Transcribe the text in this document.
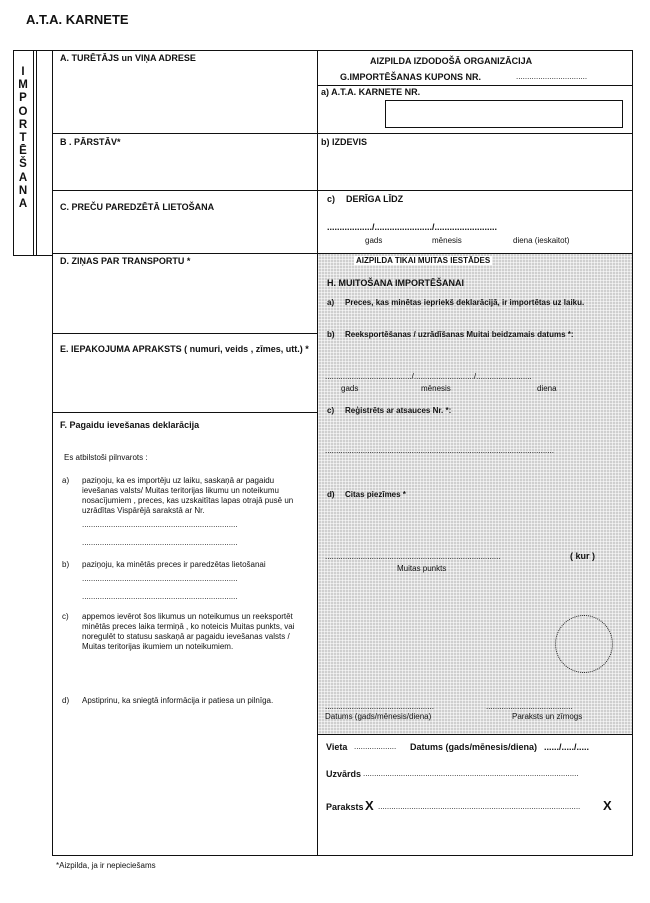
A.T.A. KARNETE
I
M
P
O
R
T
Ē
Š
A
N
A
A. TURĒTĀJS un VIŅA ADRESE
B . PĀRSTĀV*
C. PREČU PAREDZĒTĀ LIETOŠANA
D. ZIŅAS PAR TRANSPORTU *
E. IEPAKOJUMA APRAKSTS ( numuri, veids , zīmes, utt.) *
F. Pagaidu ievešanas deklarācija
Es atbilstoši pilnvarots :
a) paziņoju, ka es importēju uz laiku, saskaņā ar pagaidu ievešanas valsts/ Muitas teritorijas likumu un noteikumu nosacījumiem , preces, kas uzskaitītas lapas otrajā pusē un uzrādītas Vispārējā sarakstā ar Nr.
......................................................................
......................................................................
b) paziņoju, ka minētās preces ir paredzētas lietošanai
......................................................................
......................................................................
c) appemos ievērot šos likumus un noteikumus un reeksportēt minētās preces laika termiņā , ko noteicis Muitas punkts, vai noregulēt to statusu saskaņā ar pagaidu ievešanas valsts / Muitas teritorijas ikumiem un noteikumiem.
d) Apstiprinu, ka sniegtā informācija ir patiesa un pilnīga.
AIZPILDA IZDODOŠĀ ORGANIZĀCIJA
G.IMPORTĒŠANAS KUPONS NR.	................................
a) A.T.A. KARNETE NR.
b) IZDEVIS
c) DERĪGA LĪDZ
................../......................./.........................
gads	mēnesis	diena (ieskaitot)
AIZPILDA TIKAI MUITAS IESTĀDES
H. MUITOŠANA IMPORTĒŠANAI
a) Preces, kas minētas iepriekš deklarācijā, ir importētas uz laiku.
b) Reeksportēšanas / uzrādīšanas Muitai beidzamais datums *:
......................................./.........................../.........................
gads	mēnesis	diena
c) Reģistrēts ar atsauces Nr. *:
.......................................................................................................
d) Citas piezīmes *
...............................................................................	( kur )
Muitas punkts
.................................................	.......................................
Datums (gads/mēnesis/diena)	Paraksts un zīmogs
Vieta ................... Datums (gads/mēnesis/diena) ....../...../.....
Uzvārds .................................................................................................
Paraksts X ........................................................................................... X
*Aizpilda, ja ir nepieciešams
